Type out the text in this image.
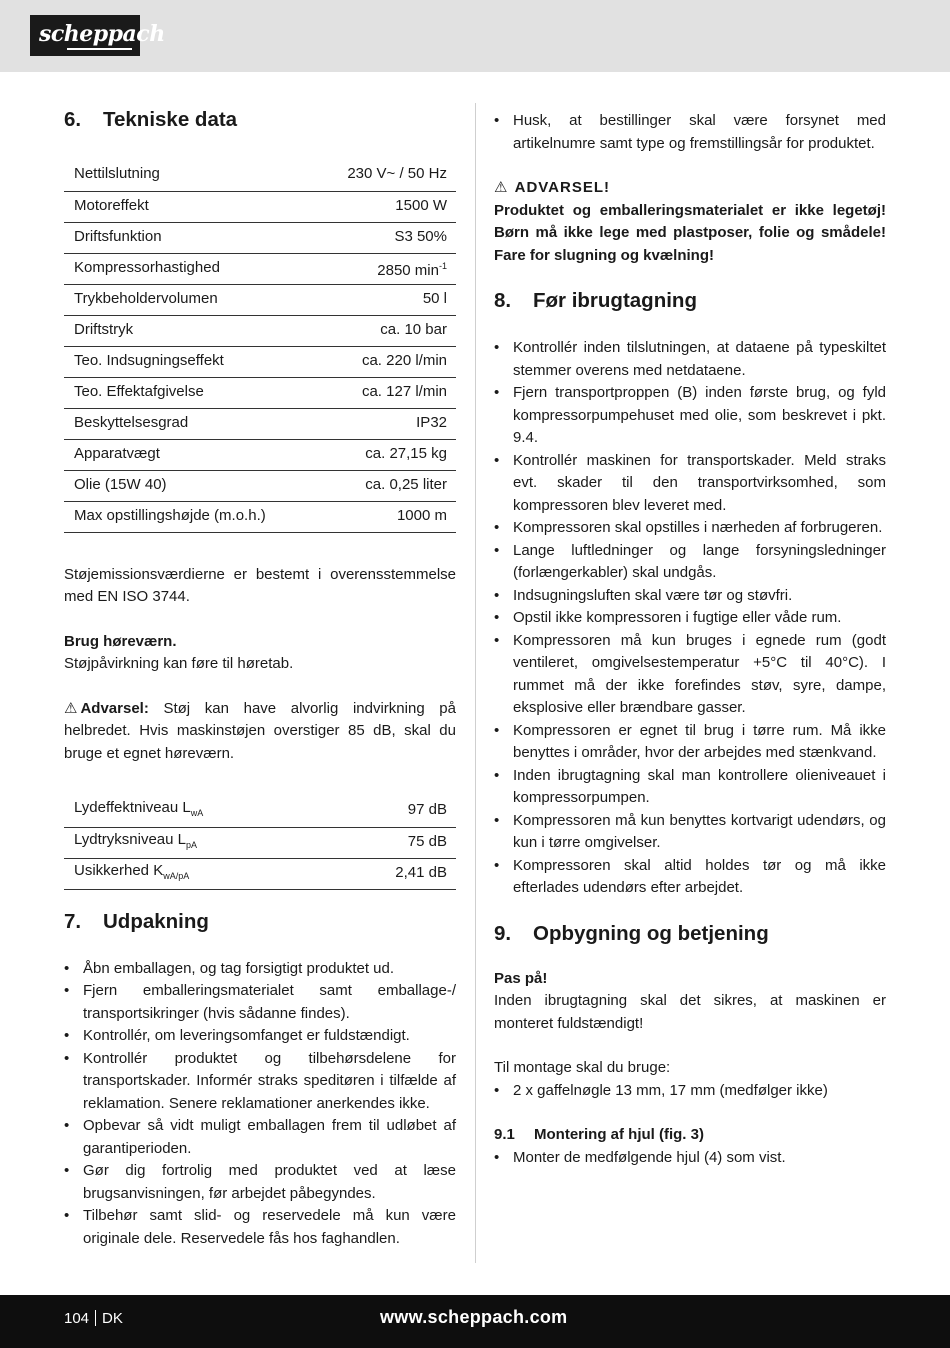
scheppach
6.	Tekniske data
Nettilslutning	230 V~ / 50 Hz
Motoreffekt	1500 W
Driftsfunktion	S3 50%
Kompressorhastighed	2850 $\min^{-1}$
Trykbeholdervolumen	50 l
Driftstryk	ca. 10 bar
Teo. Indsugningseffekt	ca. 220 l/min
Teo. Effektafgivelse	ca. 127 l/min
Beskyttelsesgrad	IP32
Apparatvægt	ca. 27,15 kg
Olie (15W 40)	ca. 0,25 liter
Max opstillingshøjde (m.o.h.)	1000 m

Støjemissionsværdierne er bestemt i overensstemmelse med EN ISO 3744.

Brug høreværn.

Støjpåvirkning kan føre til høretab.

⚠ Advarsel: Støj kan have alvorlig indvirkning på helbredet. Hvis maskinstøjen overstiger 85 dB, skal du bruge et egnet høreværn.

Lydeffektniveau $L_{wA}$	97 dB
Lydtryksniveau $L_{pA}$	75 dB
Usikkerhed $K_{wA/pA}$	2,41 dB
7.	Udpakning
• Åbn emballagen, og tag forsigtigt produktet ud.
• Fjern emballeringsmaterialet samt emballage-/ transportsikringer (hvis sådanne findes).
• Kontrollér, om leveringsomfanget er fuldstændigt.
• Kontrollér produktet og tilbehørsdelene for transportskader. Informér straks speditøren i tilfælde af reklamation. Senere reklamationer anerkendes ikke.
• Opbevar så vidt muligt emballagen frem til udløbet af garantiperioden.
• Gør dig fortrolig med produktet ved at læse brugsanvisningen, før arbejdet påbegyndes.
• Tilbehør samt slid- og reservedele må kun være originale dele. Reservedele fås hos faghandlen.
• Husk, at bestillinger skal være forsynet med artikelnumre samt type og fremstillingsår for produktet.

⚠ ADVARSEL!

Produktet og emballeringsmaterialet er ikke legetøj! Børn må ikke lege med plastposer, folie og smådele! Fare for slugning og kvælning!

8.	Før ibrugtagning
• Kontrollér inden tilslutningen, at dataene på typeskiltet stemmer overens med netdataene.
• Fjern transportproppen (B) inden første brug, og fyld kompressorpumpehuset med olie, som beskrevet i pkt. 9.4.
• Kontrollér maskinen for transportskader. Meld straks evt. skader til den transportvirksomhed, som kompressoren blev leveret med.
• Kompressoren skal opstilles i nærheden af forbrugeren.
• Lange luftledninger og lange forsyningsledninger (forlængerkabler) skal undgås.
• Indsugningsluften skal være tør og støvfri.
• Opstil ikke kompressoren i fugtige eller våde rum.
• Kompressoren må kun bruges i egnede rum (godt ventileret, omgivelsestemperatur +5°C til 40°C). I rummet må der ikke forefindes støv, syre, dampe, eksplosive eller brændbare gasser.
• Kompressoren er egnet til brug i tørre rum. Må ikke benyttes i områder, hvor der arbejdes med stænkvand.
• Inden ibrugtagning skal man kontrollere olieniveauet i kompressorpumpen.
• Kompressoren må kun benyttes kortvarigt udendørs, og kun i tørre omgivelser.
• Kompressoren skal altid holdes tør og må ikke efterlades udendørs efter arbejdet.
9.	Opbygning og betjening

Pas på!

Inden ibrugtagning skal det sikres, at maskinen er monteret fuldstændigt!

Til montage skal du bruge:

• 2 x gaffelnøgle 13 mm, 17 mm (medfølger ikke)
9.1	Montering af hjul (fig. 3)
• Monter de medfølgende hjul (4) som vist.
104 DK	www.scheppach.com
